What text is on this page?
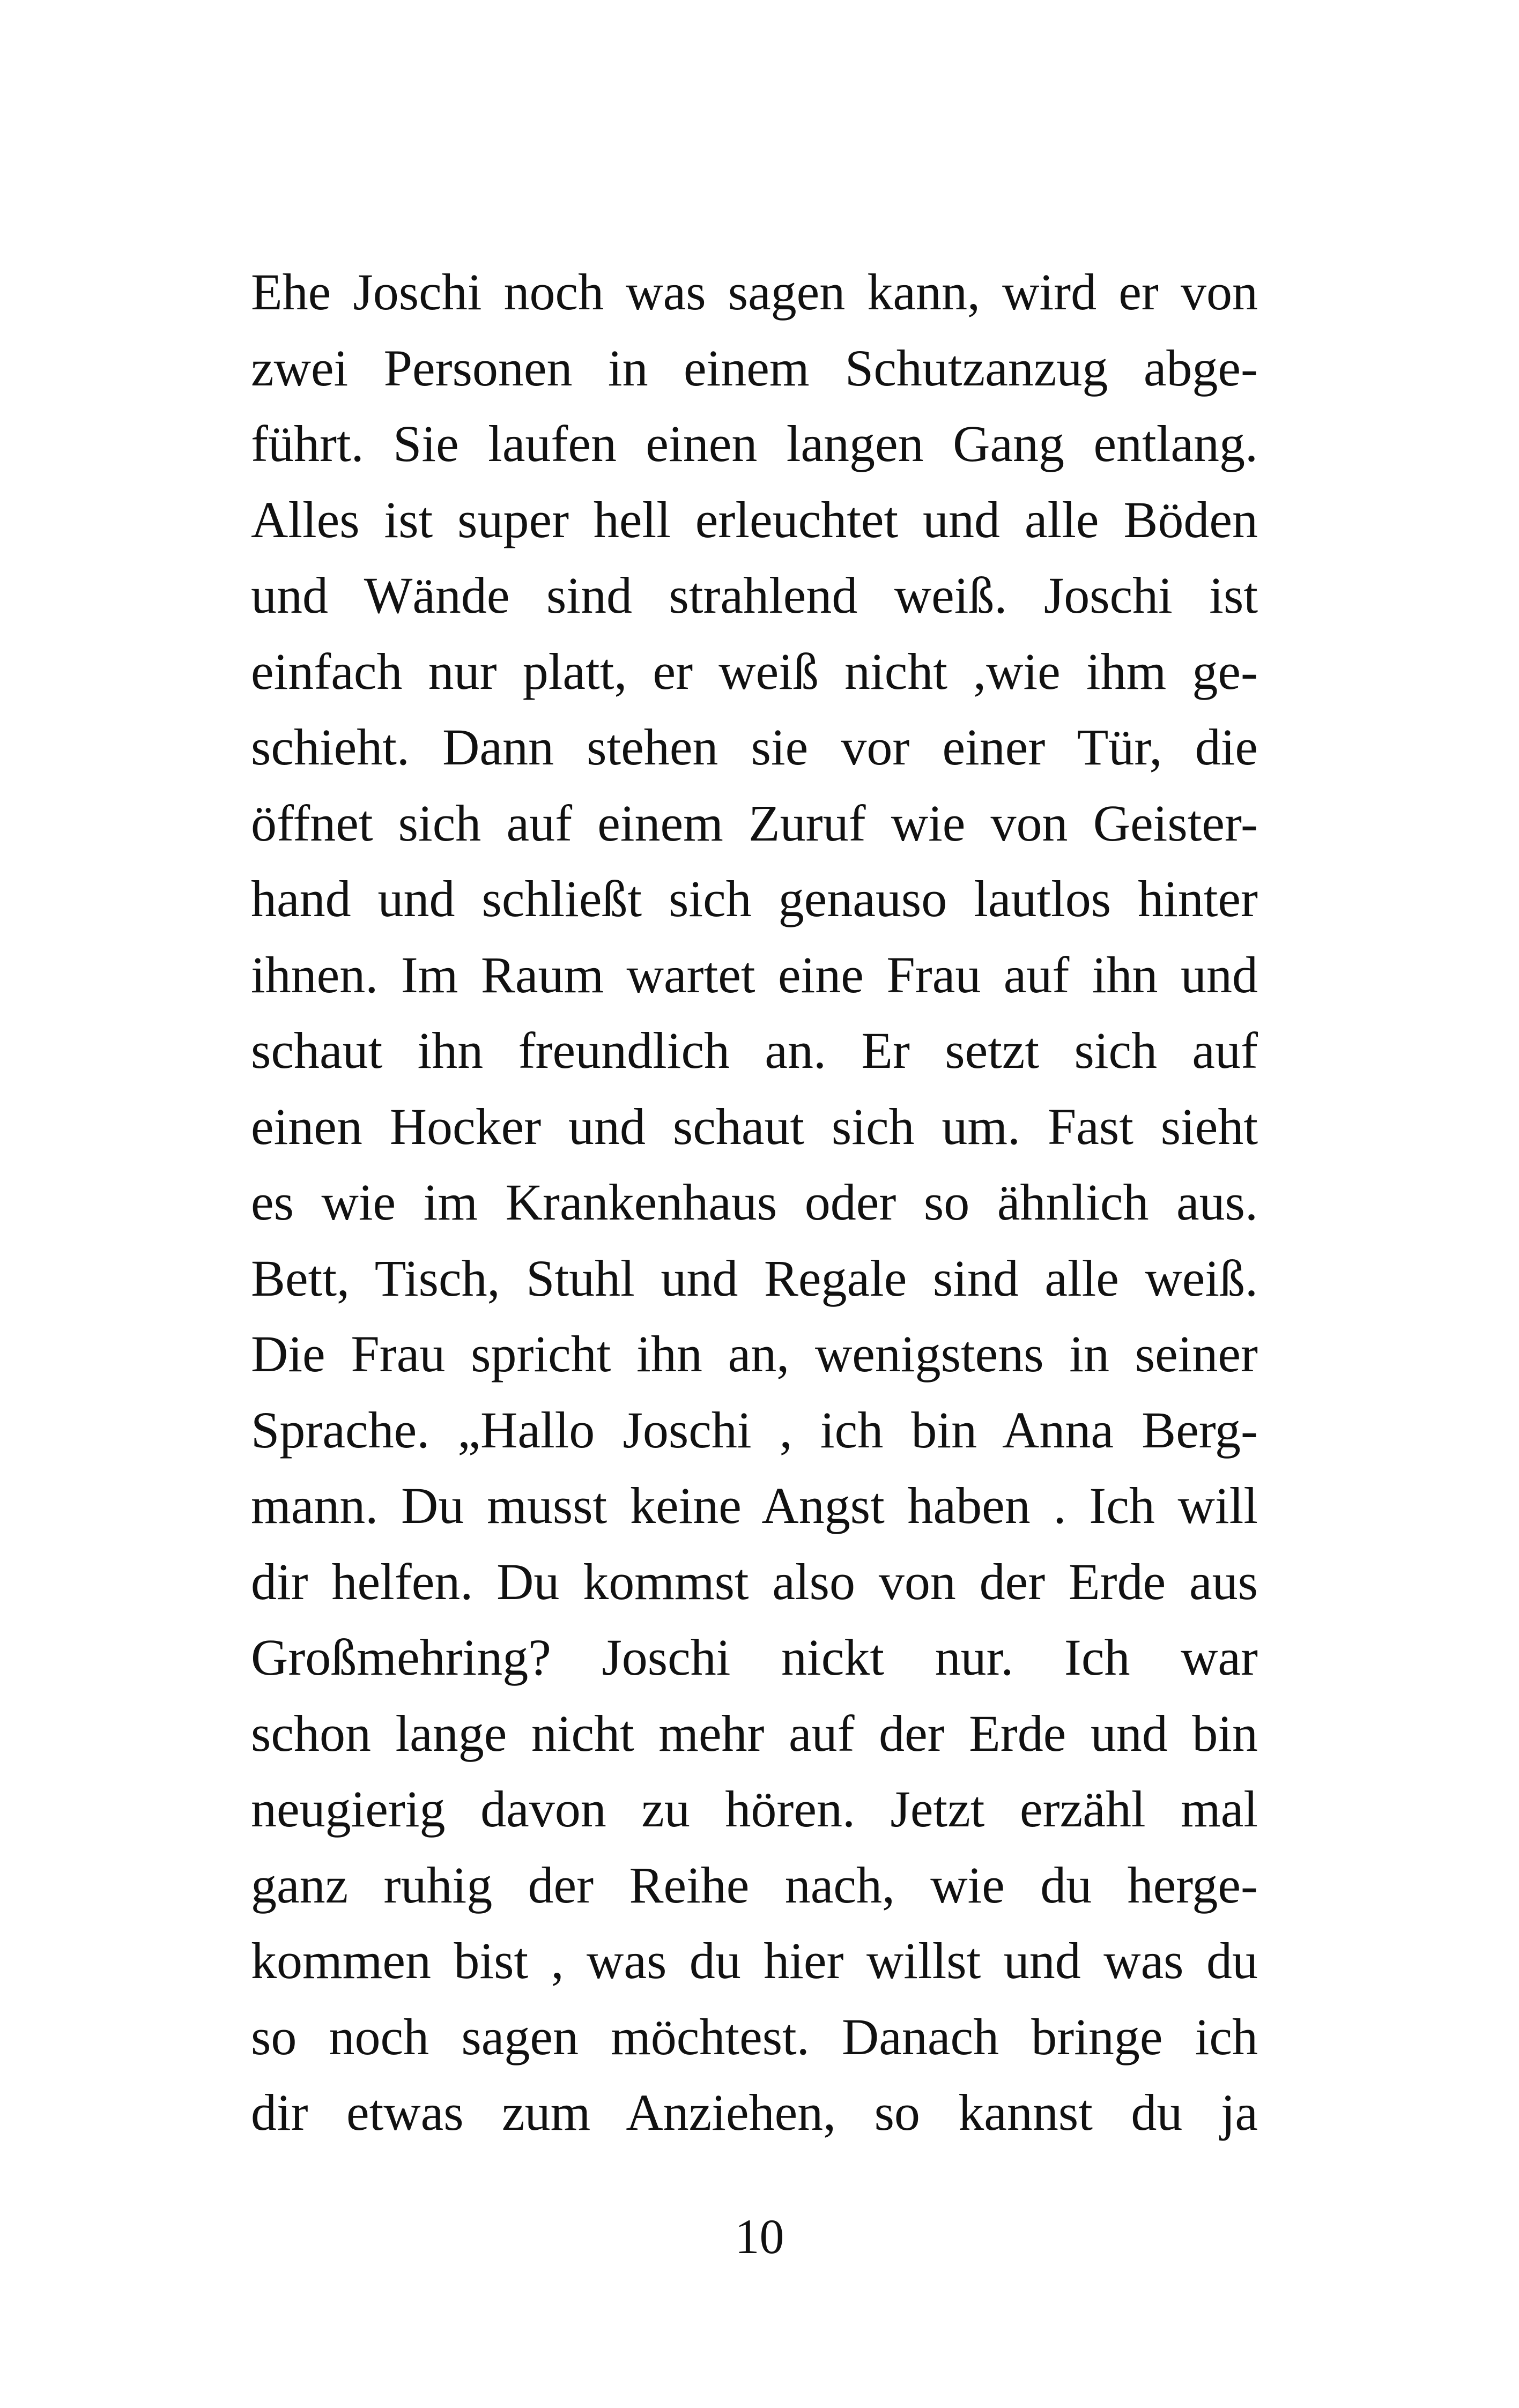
Ehe Joschi noch was sagen kann, wird er von
zwei Personen in einem Schutzanzug abge-
führt. Sie laufen einen langen Gang entlang.
Alles ist super hell erleuchtet und alle Böden
und Wände sind strahlend weiß. Joschi ist
einfach nur platt, er weiß nicht ,wie ihm ge-
schieht. Dann stehen sie vor einer Tür, die
öffnet sich auf einem Zuruf wie von Geister-
hand und schließt sich genauso lautlos hinter
ihnen. Im Raum wartet eine Frau auf ihn und
schaut ihn freundlich an. Er setzt sich auf
einen Hocker und schaut sich um. Fast sieht
es wie im Krankenhaus oder so ähnlich aus.
Bett, Tisch, Stuhl und Regale sind alle weiß.
Die Frau spricht ihn an, wenigstens in seiner
Sprache. „Hallo Joschi , ich bin Anna Berg-
mann. Du musst keine Angst haben . Ich will
dir helfen. Du kommst also von der Erde aus
Großmehring? Joschi nickt nur. Ich war
schon lange nicht mehr auf der Erde und bin
neugierig davon zu hören. Jetzt erzähl mal
ganz ruhig der Reihe nach, wie du herge-
kommen bist , was du hier willst und was du
so noch sagen möchtest. Danach bringe ich
dir etwas zum Anziehen, so kannst du ja
10
